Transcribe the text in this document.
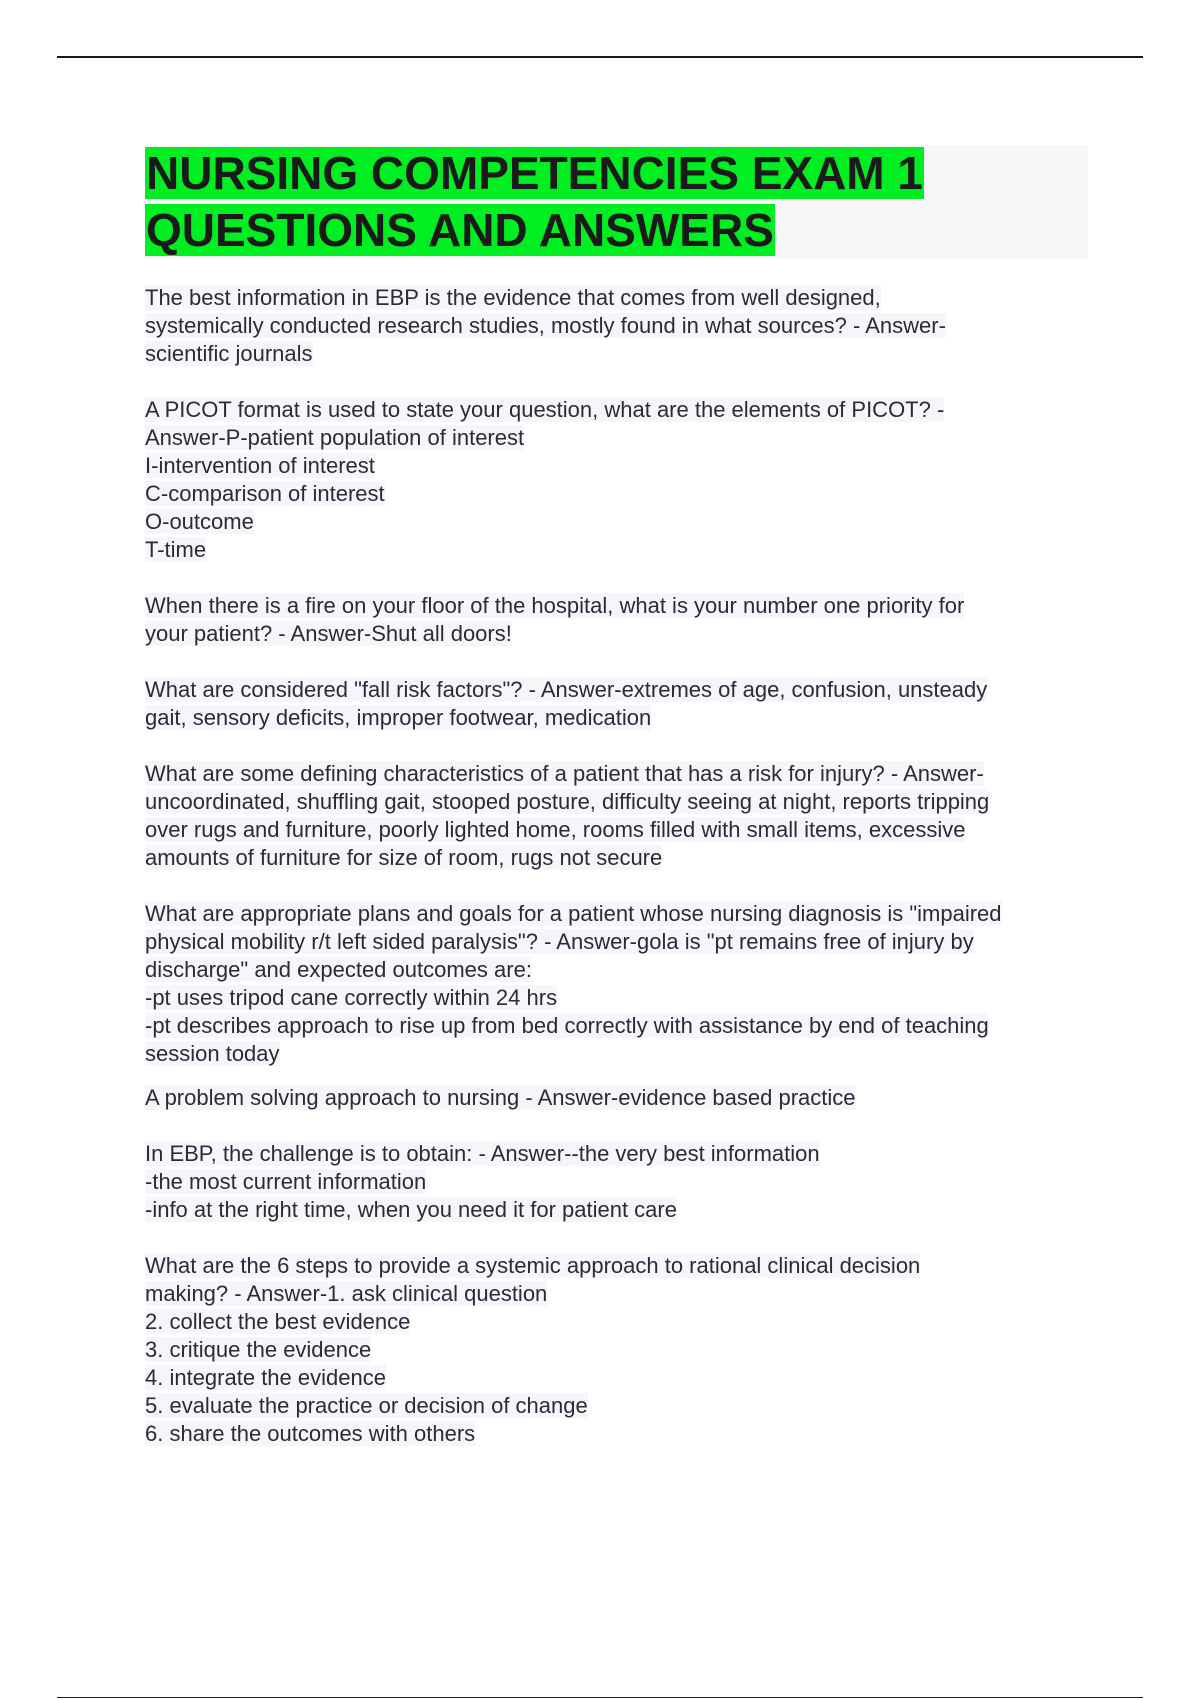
NURSING COMPETENCIES EXAM 1
QUESTIONS AND ANSWERS
The best information in EBP is the evidence that comes from well designed,
systemically conducted research studies, mostly found in what sources? - Answer-
scientific journals
A PICOT format is used to state your question, what are the elements of PICOT? -
Answer-P-patient population of interest
I-intervention of interest
C-comparison of interest
O-outcome
T-time
When there is a fire on your floor of the hospital, what is your number one priority for
your patient? - Answer-Shut all doors!
What are considered "fall risk factors"? - Answer-extremes of age, confusion, unsteady
gait, sensory deficits, improper footwear, medication
What are some defining characteristics of a patient that has a risk for injury? - Answer-
uncoordinated, shuffling gait, stooped posture, difficulty seeing at night, reports tripping
over rugs and furniture, poorly lighted home, rooms filled with small items, excessive
amounts of furniture for size of room, rugs not secure
What are appropriate plans and goals for a patient whose nursing diagnosis is "impaired
physical mobility r/t left sided paralysis"? - Answer-gola is "pt remains free of injury by
discharge" and expected outcomes are:
-pt uses tripod cane correctly within 24 hrs
-pt describes approach to rise up from bed correctly with assistance by end of teaching
session today
A problem solving approach to nursing - Answer-evidence based practice
In EBP, the challenge is to obtain: - Answer--the very best information
-the most current information
-info at the right time, when you need it for patient care
What are the 6 steps to provide a systemic approach to rational clinical decision
making? - Answer-1. ask clinical question
2. collect the best evidence
3. critique the evidence
4. integrate the evidence
5. evaluate the practice or decision of change
6. share the outcomes with others
